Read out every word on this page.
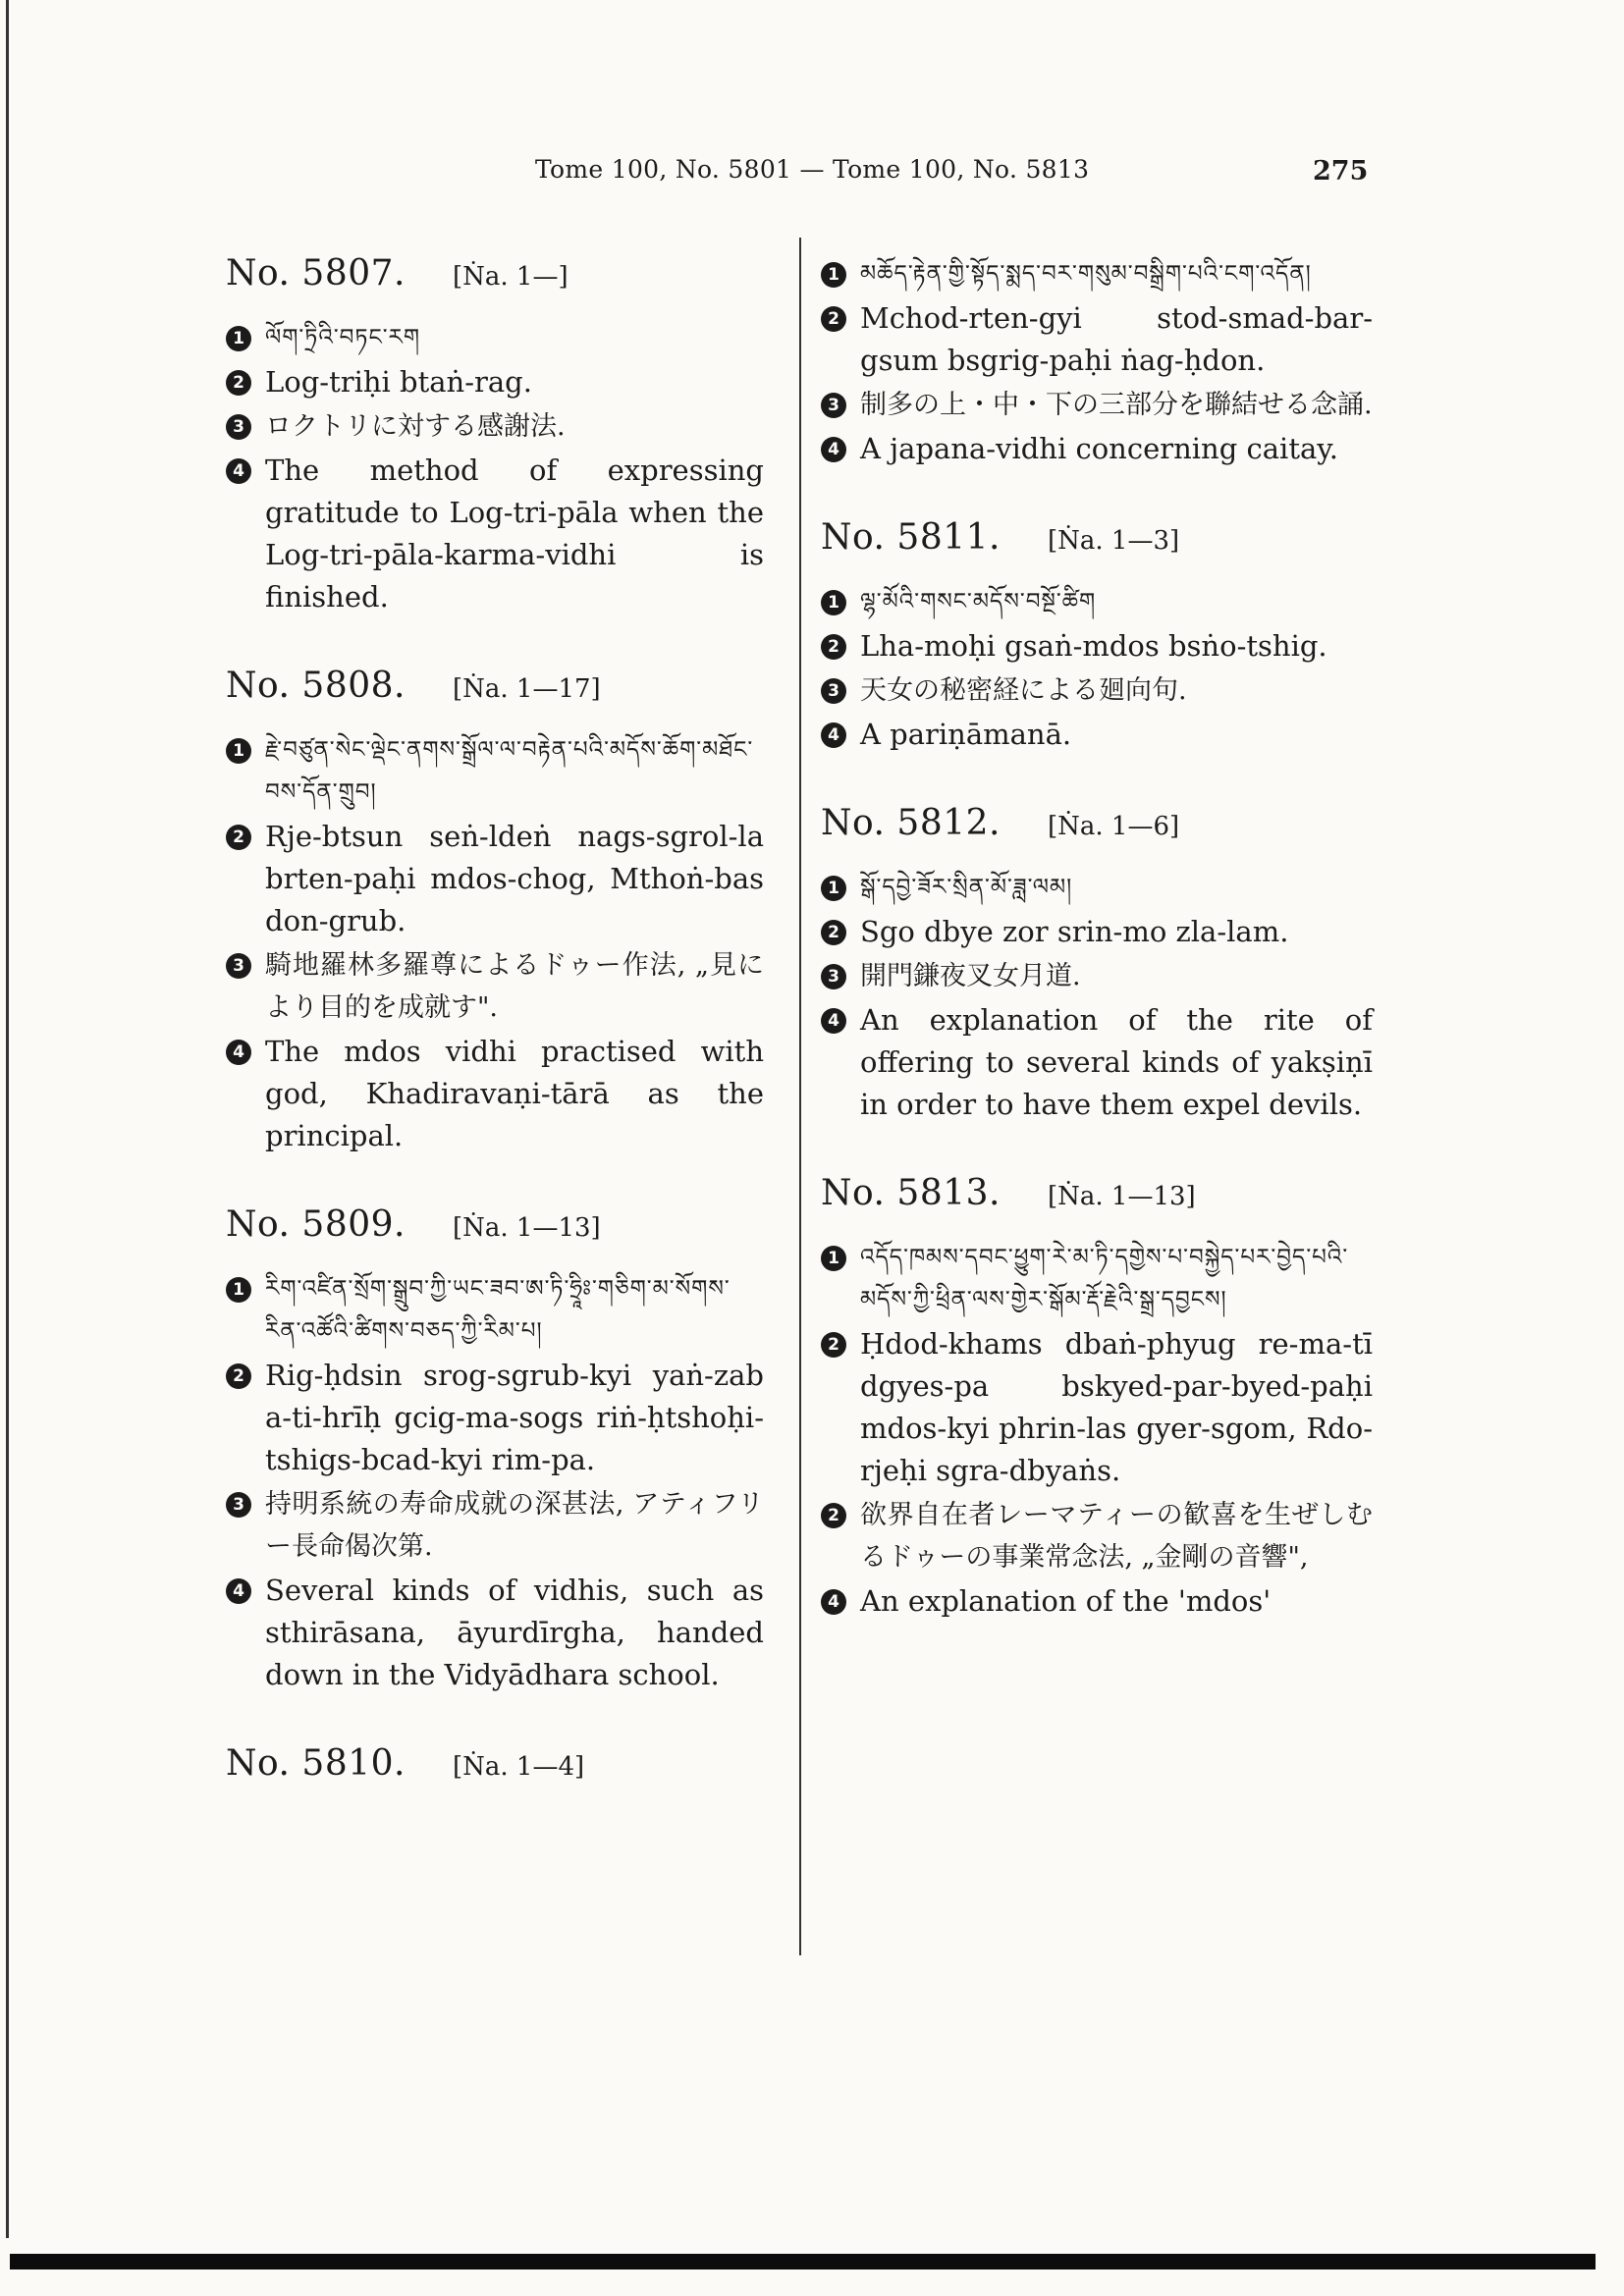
Tome 100, No. 5801 — Tome 100, No. 5813	275
No. 5807. [Ṅa. 1—]
1 ལོག་ཏྲིའི་བཏང་རག
2 Log-triḥi btaṅ-rag.
3 ロクトリに対する感謝法.
4 The method of expressing gratitude to Log-tri-pāla when the Log-tri-pāla-karma-vidhi is finished.
No. 5808. [Ṅa. 1—17]
1 རྗེ་བཙུན་སེང་ལྡེང་ནགས་སྒྲོལ་ལ་བརྟེན་པའི་མདོས་ཆོག་མཐོང་བས་དོན་གྲུབ།
2 Rje-btsun seṅ-ldeṅ nags-sgrol-la brten-paḥi mdos-chog, Mthoṅ-bas don-grub.
3 騎地羅林多羅尊によるドゥー作法, „見により目的を成就す".
4 The mdos vidhi practised with god, Khadiravaṇi-tārā as the principal.
No. 5809. [Ṅa. 1—13]
1 རིག་འཛིན་སྲོག་སྒྲུབ་ཀྱི་ཡང་ཟབ་ཨ་ཏི་ཧྲཱིཿ་གཅིག་མ་སོགས་རིན་འཚོའི་ཚིགས་བཅད་ཀྱི་རིམ་པ།
2 Rig-ḥdsin srog-sgrub-kyi yaṅ-zab a-ti-hrīḥ gcig-ma-sogs riṅ-ḥtshoḥi-tshigs-bcad-kyi rim-pa.
3 持明系統の寿命成就の深甚法, アティフリー長命偈次第.
4 Several kinds of vidhis, such as sthirāsana, āyurdīrgha, handed down in the Vidyādhara school.
No. 5810. [Ṅa. 1—4]
1 མཆོད་རྟེན་གྱི་སྟོད་སྨད་བར་གསུམ་བསྒྲིག་པའི་ངག་འདོན།
2 Mchod-rten-gyi stod-smad-bar-gsum bsgrig-paḥi ṅag-ḥdon.
3 制多の上・中・下の三部分を聯結せる念誦.
4 A japana-vidhi concerning caitay.
No. 5811. [Ṅa. 1—3]
1 ལྷ་མོའི་གསང་མདོས་བསྔོ་ཚིག
2 Lha-moḥi gsaṅ-mdos bsṅo-tshig.
3 天女の秘密経による廻向句.
4 A pariṇāmanā.
No. 5812. [Ṅa. 1—6]
1 སྒོ་དབྱེ་ཟོར་སྲིན་མོ་ཟླ་ལམ།
2 Sgo dbye zor srin-mo zla-lam.
3 開門鎌夜叉女月道.
4 An explanation of the rite of offering to several kinds of yakṣiṇī in order to have them expel devils.
No. 5813. [Ṅa. 1—13]
1 འདོད་ཁམས་དབང་ཕྱུག་རེ་མ་ཏི་དགྱེས་པ་བསྐྱེད་པར་བྱེད་པའི་མདོས་ཀྱི་ཕྲིན་ལས་གྱེར་སྒོམ་རྡོ་རྗེའི་སྒྲ་དབྱངས།
2 Ḥdod-khams dbaṅ-phyug re-ma-tī dgyes-pa bskyed-par-byed-paḥi mdos-kyi phrin-las gyer-sgom, Rdo-rjeḥi sgra-dbyaṅs.
2 欲界自在者レーマティーの歓喜を生ぜしむるドゥーの事業常念法, „金剛の音響",
4 An explanation of the 'mdos'
